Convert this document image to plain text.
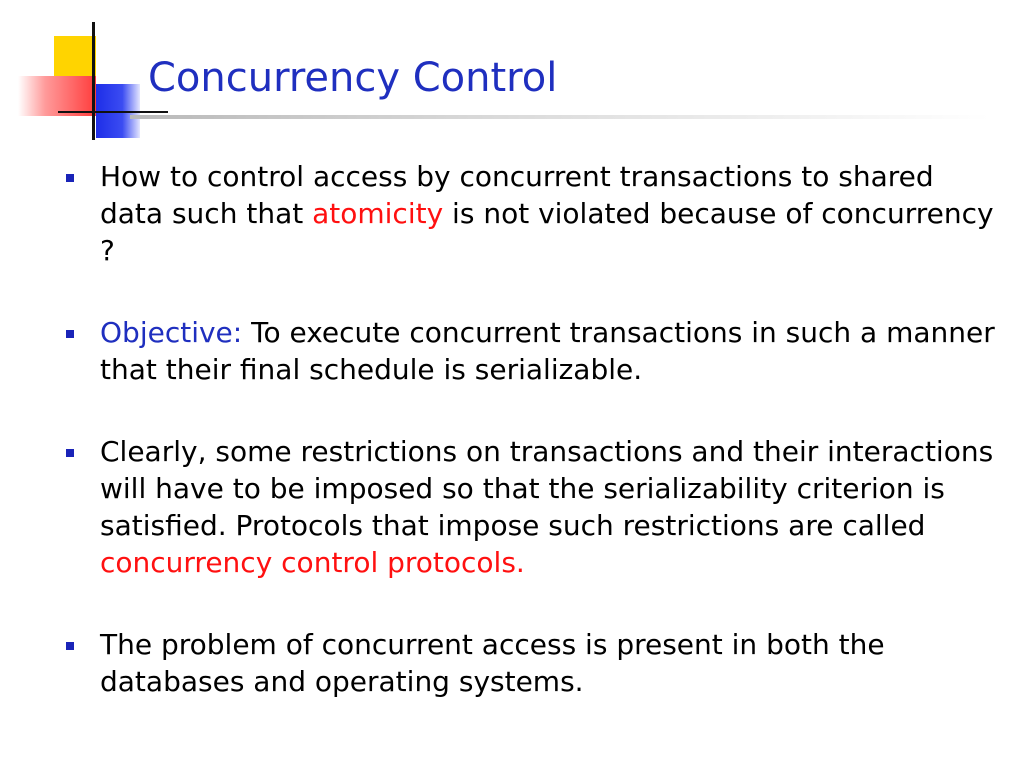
Concurrency Control
How to control access by concurrent transactions to shared data such that atomicity is not violated because of concurrency ?
Objective: To execute concurrent transactions in such a manner that their final schedule is serializable.
Clearly, some restrictions on transactions and their interactions will have to be imposed so that the serializability criterion is satisfied. Protocols that impose such restrictions are called concurrency control protocols.
The problem of concurrent access is present in both the databases and operating systems.
